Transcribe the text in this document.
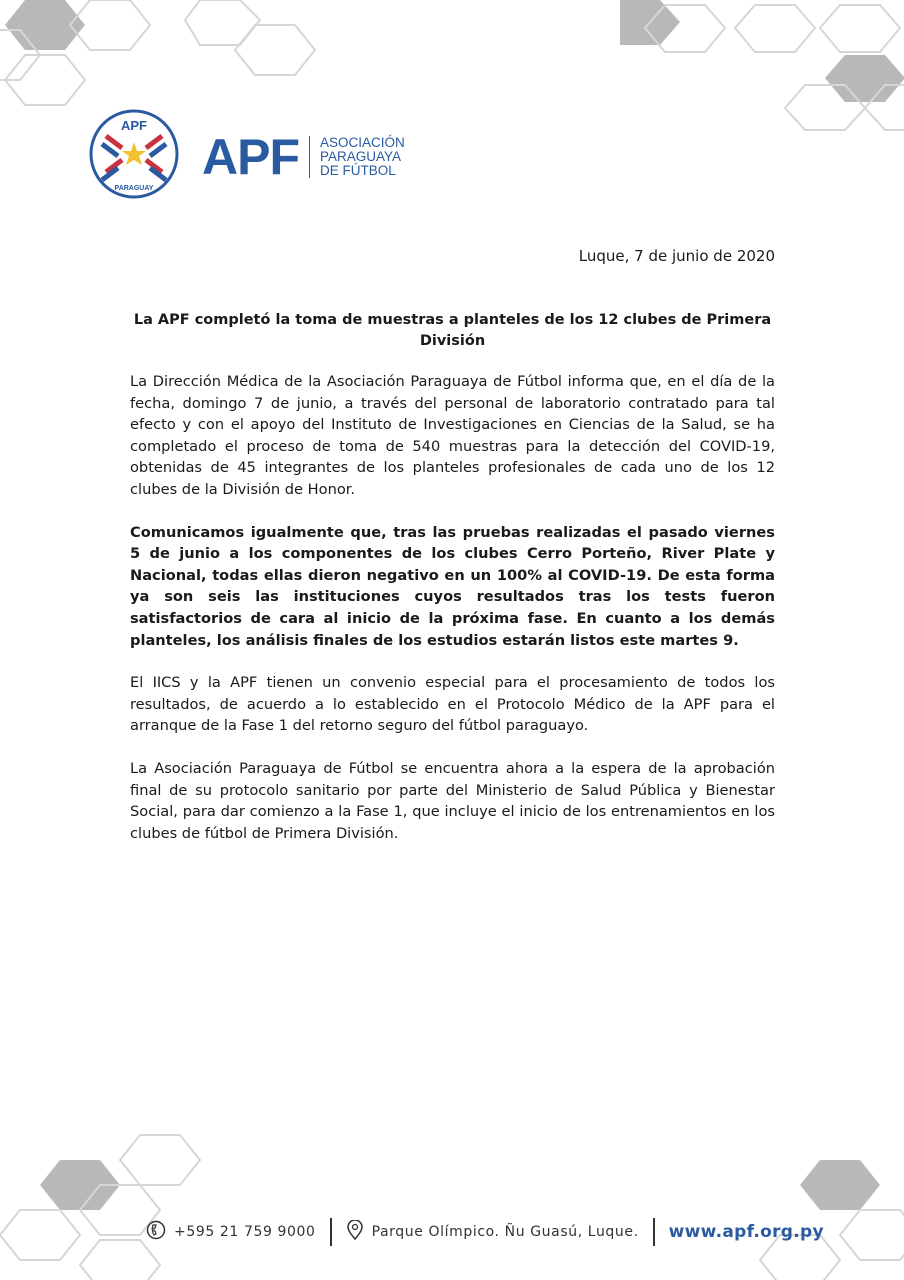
APF
PARAGUAY
APF ASOCIACIÓN
PARAGUAYA
DE FÚTBOL
Luque, 7 de junio de 2020
La APF completó la toma de muestras a planteles de los 12 clubes de Primera División

La Dirección Médica de la Asociación Paraguaya de Fútbol informa que, en el día de la fecha, domingo 7 de junio, a través del personal de laboratorio contratado para tal efecto y con el apoyo del Instituto de Investigaciones en Ciencias de la Salud, se ha completado el proceso de toma de 540 muestras para la detección del COVID-19, obtenidas de 45 integrantes de los planteles profesionales de cada uno de los 12 clubes de la División de Honor.

Comunicamos igualmente que, tras las pruebas realizadas el pasado viernes 5 de junio a los componentes de los clubes Cerro Porteño, River Plate y Nacional, todas ellas dieron negativo en un 100% al COVID-19. De esta forma ya son seis las instituciones cuyos resultados tras los tests fueron satisfactorios de cara al inicio de la próxima fase. En cuanto a los demás planteles, los análisis finales de los estudios estarán listos este martes 9.

El IICS y la APF tienen un convenio especial para el procesamiento de todos los resultados, de acuerdo a lo establecido en el Protocolo Médico de la APF para el arranque de la Fase 1 del retorno seguro del fútbol paraguayo.

La Asociación Paraguaya de Fútbol se encuentra ahora a la espera de la aprobación final de su protocolo sanitario por parte del Ministerio de Salud Pública y Bienestar Social, para dar comienzo a la Fase 1, que incluye el inicio de los entrenamientos en los clubes de fútbol de Primera División.

+595 21 759 9000	Parque Olímpico. Ñu Guasú, Luque. www.apf.org.py
